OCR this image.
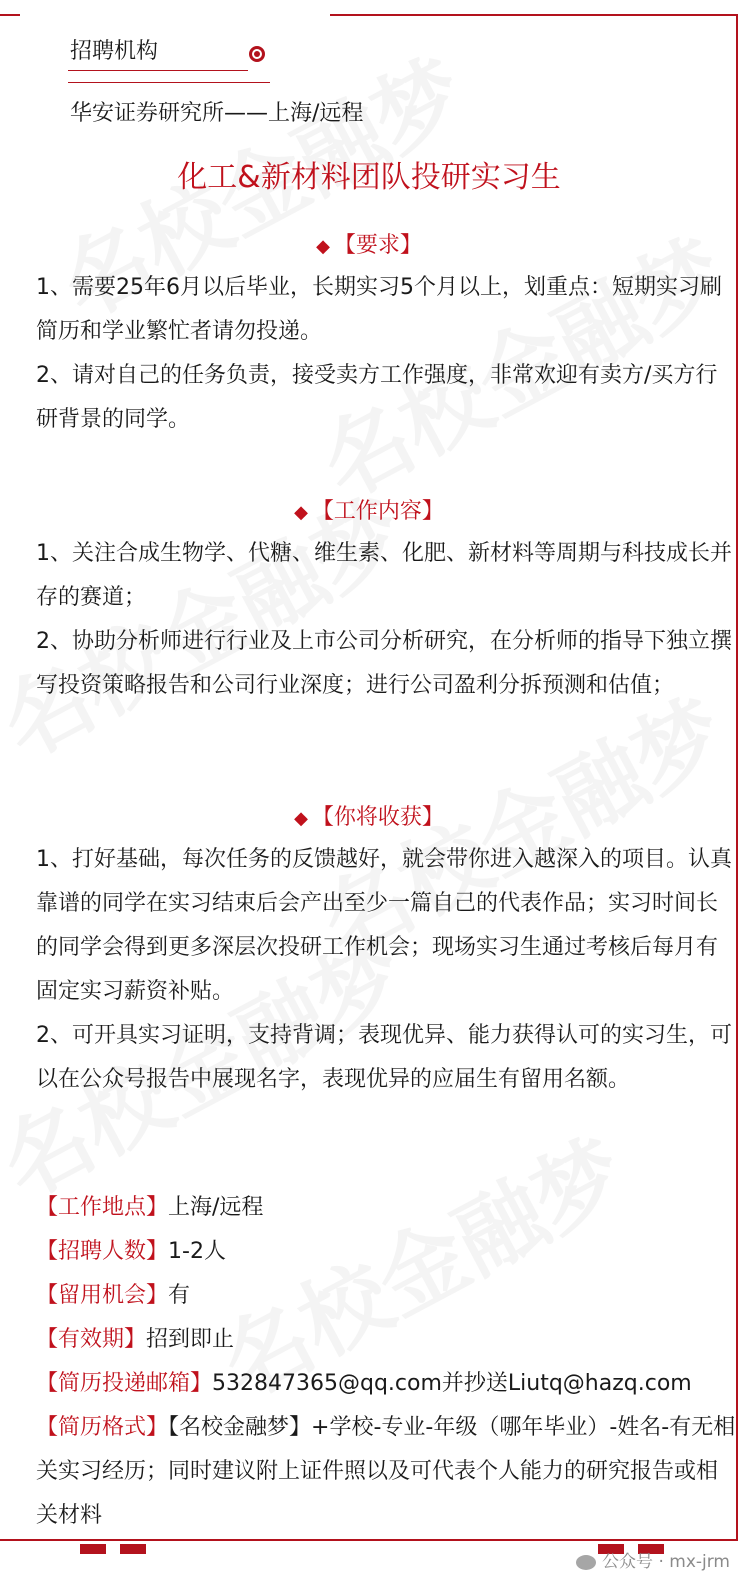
招聘机构
华安证券研究所——上海/远程
化工&新材料团队投研实习生
◆ 【要求】
1、需要25年6月以后毕业，长期实习5个月以上，划重点：短期实习刷简历和学业繁忙者请勿投递。
2、请对自己的任务负责，接受卖方工作强度，非常欢迎有卖方/买方行研背景的同学。
◆ 【工作内容】
1、关注合成生物学、代糖、维生素、化肥、新材料等周期与科技成长并存的赛道；
2、协助分析师进行行业及上市公司分析研究，在分析师的指导下独立撰写投资策略报告和公司行业深度；进行公司盈利分拆预测和估值；
◆ 【你将收获】
1、打好基础，每次任务的反馈越好，就会带你进入越深入的项目。认真靠谱的同学在实习结束后会产出至少一篇自己的代表作品；实习时间长的同学会得到更多深层次投研工作机会；现场实习生通过考核后每月有固定实习薪资补贴。
2、可开具实习证明，支持背调；表现优异、能力获得认可的实习生，可以在公众号报告中展现名字，表现优异的应届生有留用名额。
【工作地点】上海/远程
【招聘人数】1-2人
【留用机会】有
【有效期】招到即止
【简历投递邮箱】532847365@qq.com并抄送Liutq@hazq.com
【简历格式】【名校金融梦】+学校-专业-年级（哪年毕业）-姓名-有无相关实习经历；同时建议附上证件照以及可代表个人能力的研究报告或相关材料
公众号 · mx-jrm
